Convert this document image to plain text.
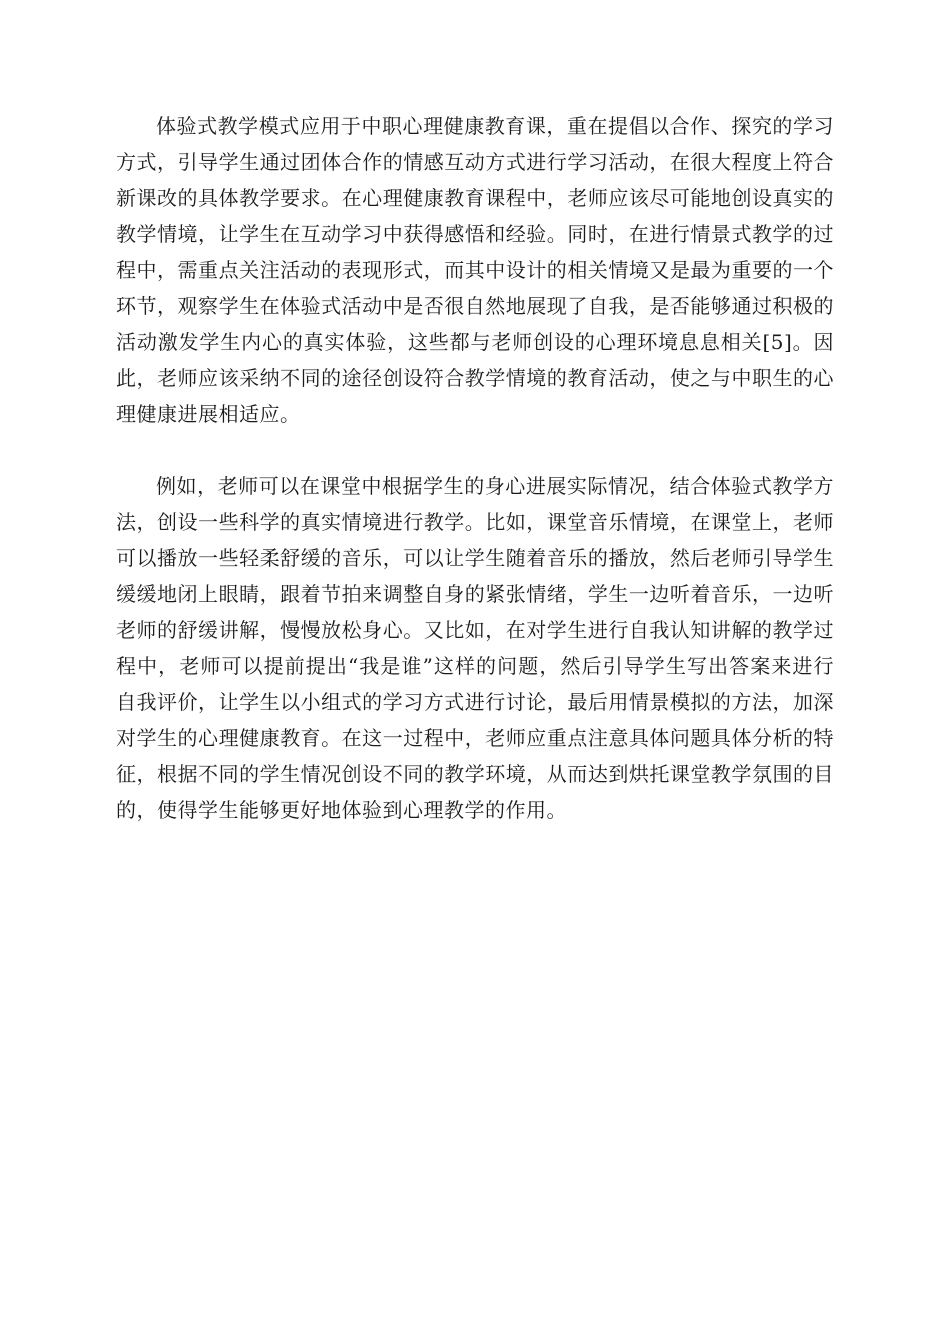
体验式教学模式应用于中职心理健康教育课，重在提倡以合作、探究的学习方式，引导学生通过团体合作的情感互动方式进行学习活动，在很大程度上符合新课改的具体教学要求。在心理健康教育课程中，老师应该尽可能地创设真实的教学情境，让学生在互动学习中获得感悟和经验。同时，在进行情景式教学的过程中，需重点关注活动的表现形式，而其中设计的相关情境又是最为重要的一个环节，观察学生在体验式活动中是否很自然地展现了自我，是否能够通过积极的活动激发学生内心的真实体验，这些都与老师创设的心理环境息息相关[5]。因此，老师应该采纳不同的途径创设符合教学情境的教育活动，使之与中职生的心理健康进展相适应。

例如，老师可以在课堂中根据学生的身心进展实际情况，结合体验式教学方法，创设一些科学的真实情境进行教学。比如，课堂音乐情境，在课堂上，老师可以播放一些轻柔舒缓的音乐，可以让学生随着音乐的播放，然后老师引导学生缓缓地闭上眼睛，跟着节拍来调整自身的紧张情绪，学生一边听着音乐，一边听老师的舒缓讲解，慢慢放松身心。又比如，在对学生进行自我认知讲解的教学过程中，老师可以提前提出“我是谁”这样的问题，然后引导学生写出答案来进行自我评价，让学生以小组式的学习方式进行讨论，最后用情景模拟的方法，加深对学生的心理健康教育。在这一过程中，老师应重点注意具体问题具体分析的特征，根据不同的学生情况创设不同的教学环境，从而达到烘托课堂教学氛围的目的，使得学生能够更好地体验到心理教学的作用。
